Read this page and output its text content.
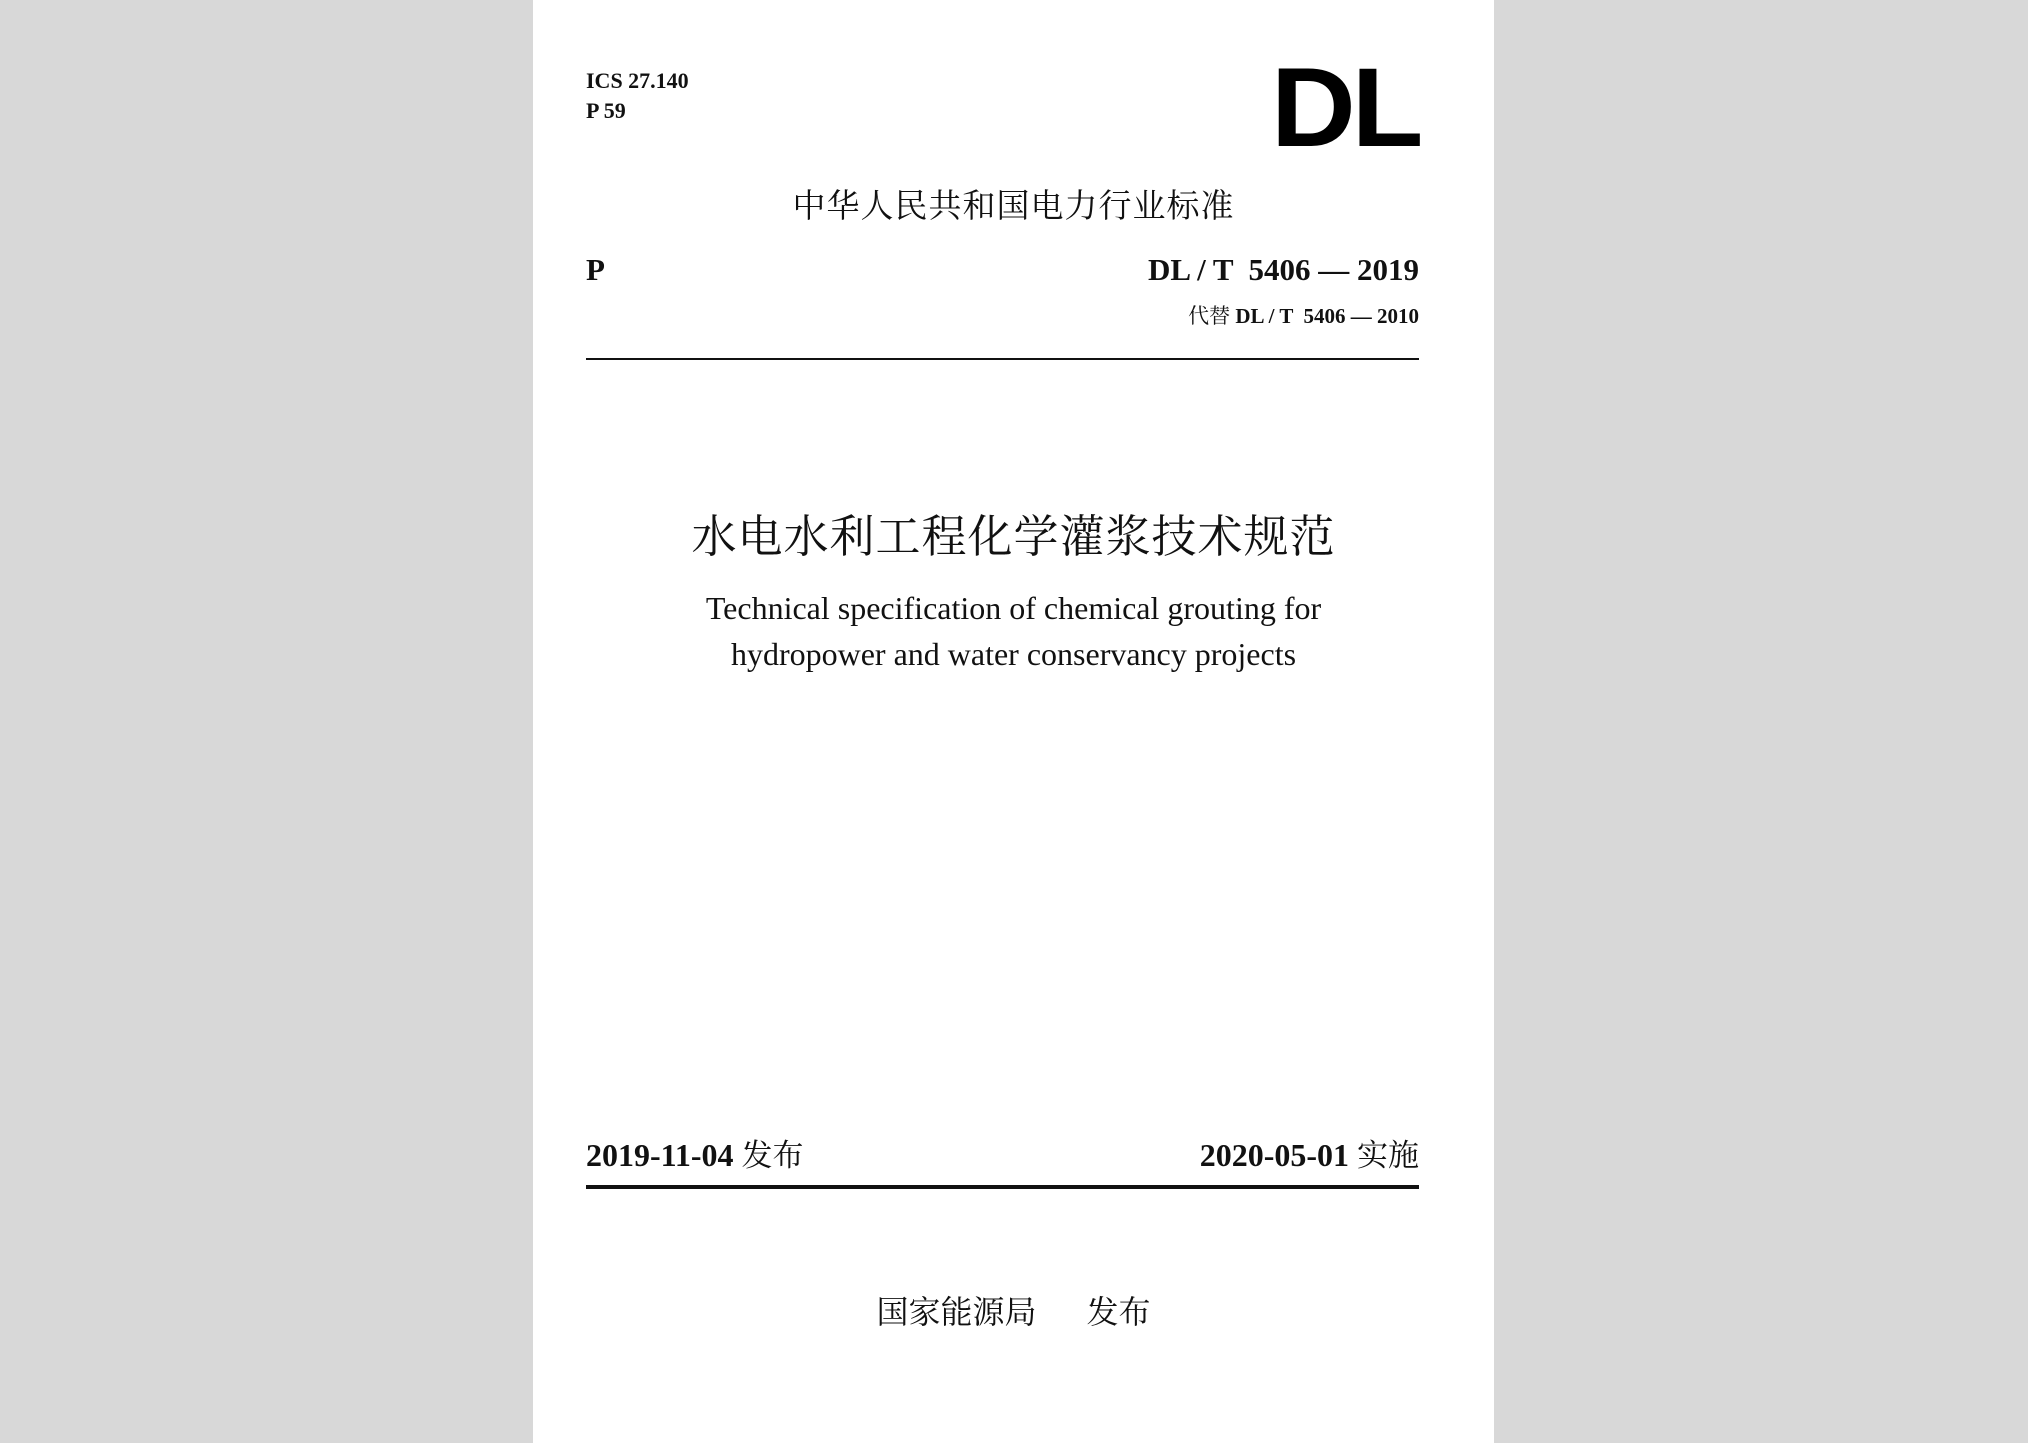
ICS 27.140
P 59	DL
中华人民共和国电力行业标准
P	DL / T  5406 — 2019
代替 DL / T  5406 — 2010
水电水利工程化学灌浆技术规范
Technical specification of chemical grouting for
hydropower and water conservancy projects
2019-11-04 发布	2020-05-01 实施
国家能源局 发布
